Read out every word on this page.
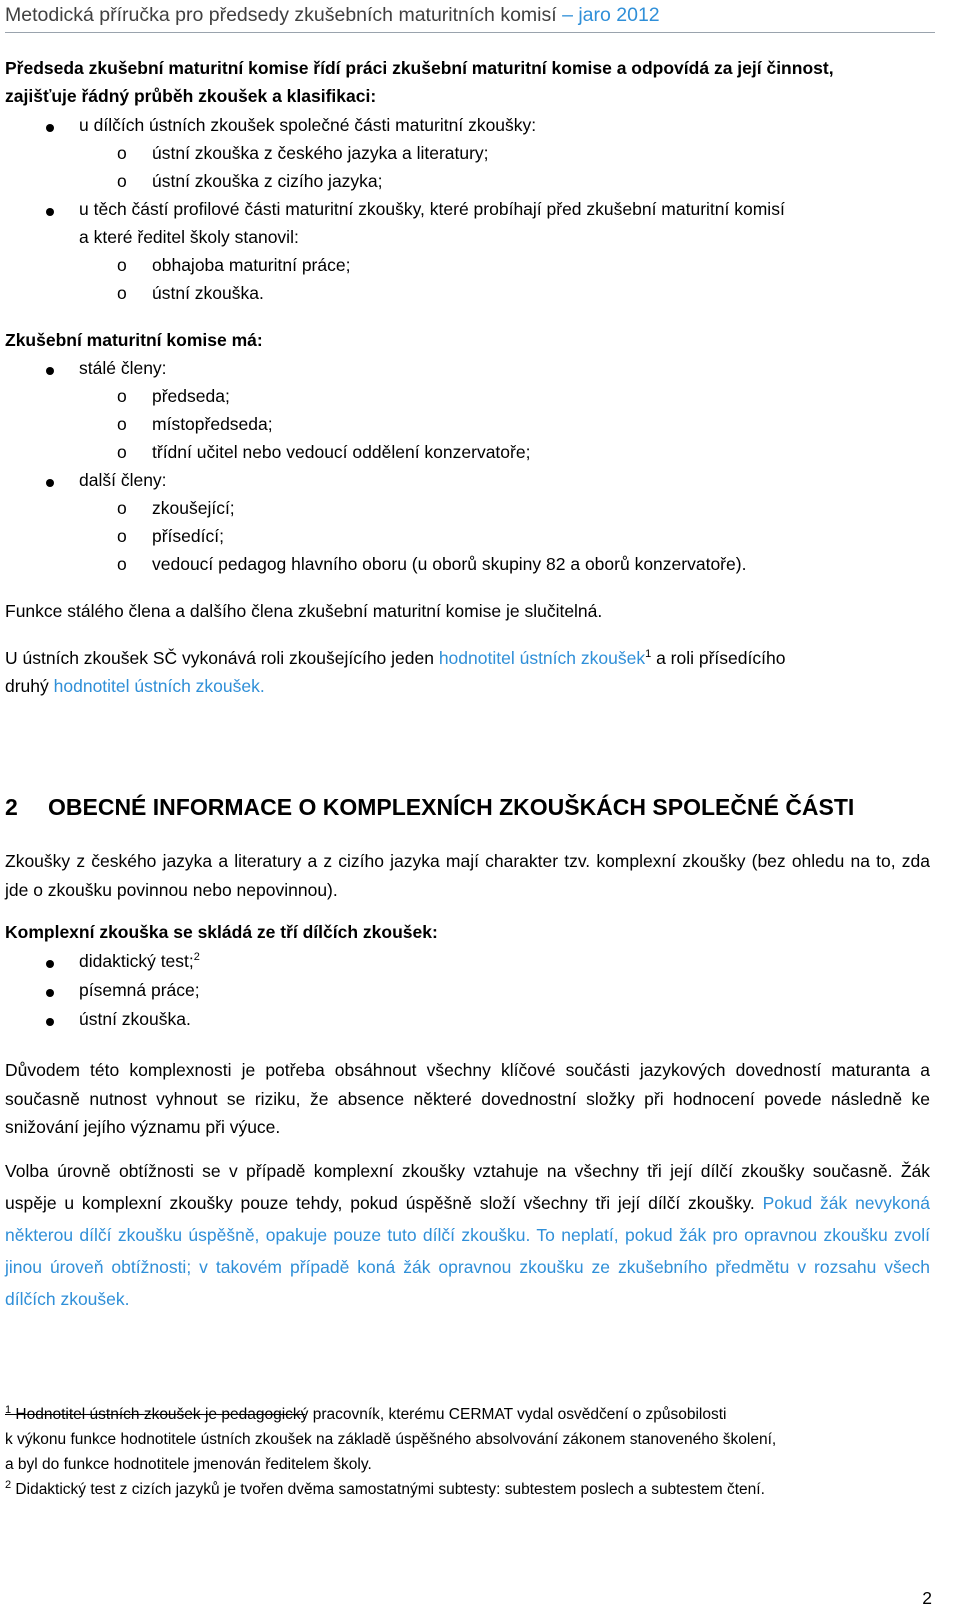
Metodická příručka pro předsedy zkušebních maturitních komisí – jaro 2012
Předseda zkušební maturitní komise řídí práci zkušební maturitní komise a odpovídá za její činnost,
zajišťuje řádný průběh zkoušek a klasifikaci:
u dílčích ústních zkoušek společné části maturitní zkoušky:
o ústní zkouška z českého jazyka a literatury;
o ústní zkouška z cizího jazyka;
u těch částí profilové části maturitní zkoušky, které probíhají před zkušební maturitní komisí
a které ředitel školy stanovil:
o obhajoba maturitní práce;
o ústní zkouška.
Zkušební maturitní komise má:
stálé členy:
o předseda;
o místopředseda;
o třídní učitel nebo vedoucí oddělení konzervatoře;
další členy:
o zkoušející;
o přísedící;
o vedoucí pedagog hlavního oboru (u oborů skupiny 82 a oborů konzervatoře).
Funkce stálého člena a dalšího člena zkušební maturitní komise je slučitelná.
U ústních zkoušek SČ vykonává roli zkoušejícího jeden hodnotitel ústních zkoušek$^1$ a roli přísedícího
druhý hodnotitel ústních zkoušek.
2 OBECNÉ INFORMACE O KOMPLEXNÍCH ZKOUŠKÁCH SPOLEČNÉ ČÁSTI
Zkoušky z českého jazyka a literatury a z cizího jazyka mají charakter tzv. komplexní zkoušky (bez ohledu na to, zda jde o zkoušku povinnou nebo nepovinnou).
Komplexní zkouška se skládá ze tří dílčích zkoušek:
didaktický test;$^2$
písemná práce;
ústní zkouška.
Důvodem této komplexnosti je potřeba obsáhnout všechny klíčové součásti jazykových dovedností maturanta a současně nutnost vyhnout se riziku, že absence některé dovednostní složky při hodnocení povede následně ke snižování jejího významu při výuce.
Volba úrovně obtížnosti se v případě komplexní zkoušky vztahuje na všechny tři její dílčí zkoušky současně. Žák uspěje u komplexní zkoušky pouze tehdy, pokud úspěšně složí všechny tři její dílčí zkoušky. Pokud žák nevykoná některou dílčí zkoušku úspěšně, opakuje pouze tuto dílčí zkoušku. To neplatí, pokud žák pro opravnou zkoušku zvolí jinou úroveň obtížnosti; v takovém případě koná žák opravnou zkoušku ze zkušebního předmětu v rozsahu všech dílčích zkoušek.
$^1$ Hodnotitel ústních zkoušek je pedagogický pracovník, kterému CERMAT vydal osvědčení o způsobilosti
k výkonu funkce hodnotitele ústních zkoušek na základě úspěšného absolvování zákonem stanoveného školení,
a byl do funkce hodnotitele jmenován ředitelem školy.
$^2$ Didaktický test z cizích jazyků je tvořen dvěma samostatnými subtesty: subtestem poslech a subtestem čtení.
2
